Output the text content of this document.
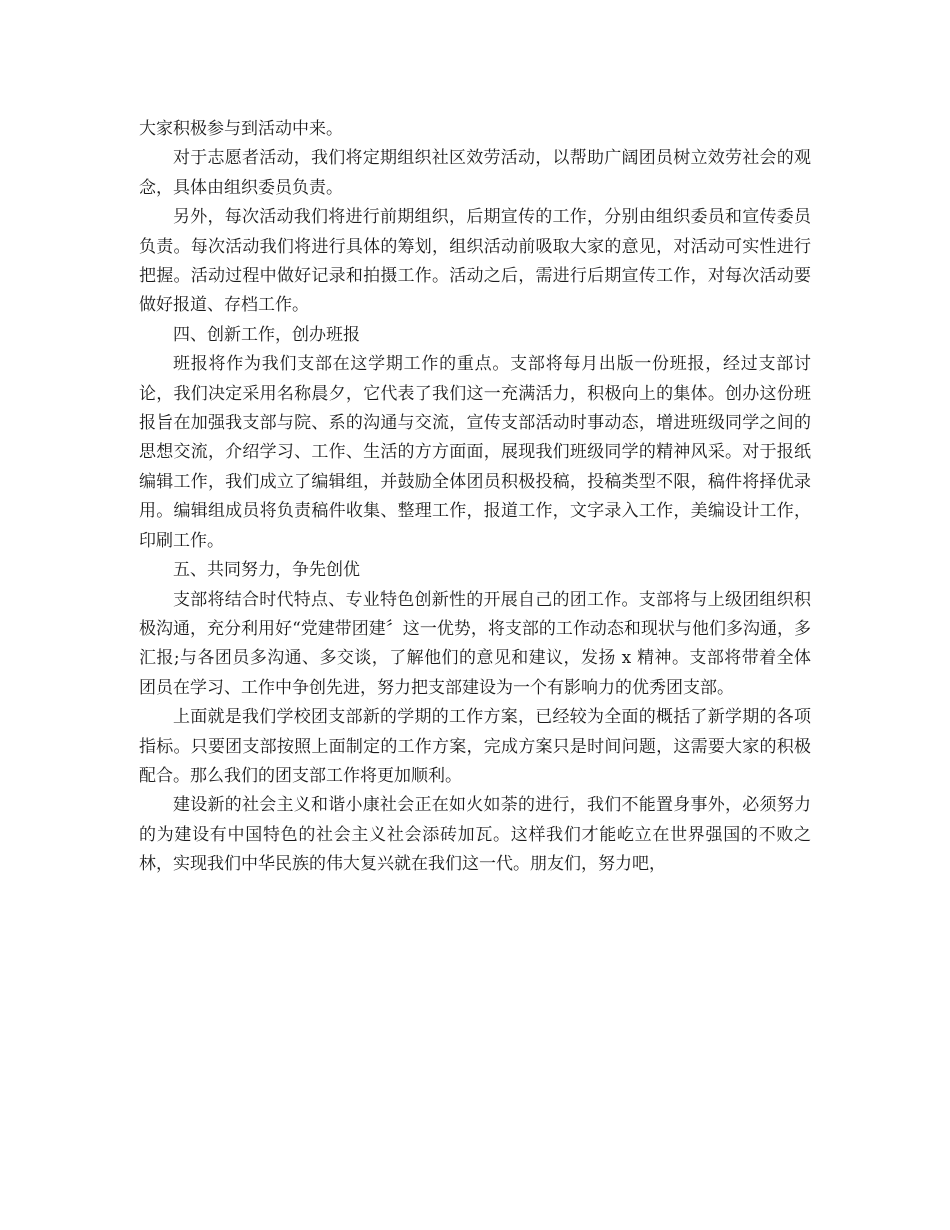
大家积极参与到活动中来。

对于志愿者活动，我们将定期组织社区效劳活动，以帮助广阔团员树立效劳社会的观念，具体由组织委员负责。

另外，每次活动我们将进行前期组织，后期宣传的工作，分别由组织委员和宣传委员负责。每次活动我们将进行具体的筹划，组织活动前吸取大家的意见，对活动可实性进行把握。活动过程中做好记录和拍摄工作。活动之后，需进行后期宣传工作，对每次活动要做好报道、存档工作。

四、创新工作，创办班报

班报将作为我们支部在这学期工作的重点。支部将每月出版一份班报，经过支部讨论，我们决定采用名称晨夕，它代表了我们这一充满活力，积极向上的集体。创办这份班报旨在加强我支部与院、系的沟通与交流，宣传支部活动时事动态，增进班级同学之间的思想交流，介绍学习、工作、生活的方方面面，展现我们班级同学的精神风采。对于报纸编辑工作，我们成立了编辑组，并鼓励全体团员积极投稿，投稿类型不限，稿件将择优录用。编辑组成员将负责稿件收集、整理工作，报道工作，文字录入工作，美编设计工作，印刷工作。

五、共同努力，争先创优

支部将结合时代特点、专业特色创新性的开展自己的团工作。支部将与上级团组织积极沟通，充分利用好“党建带团建〞这一优势，将支部的工作动态和现状与他们多沟通，多汇报;与各团员多沟通、多交谈，了解他们的意见和建议，发扬 x 精神。支部将带着全体团员在学习、工作中争创先进，努力把支部建设为一个有影响力的优秀团支部。

上面就是我们学校团支部新的学期的工作方案，已经较为全面的概括了新学期的各项指标。只要团支部按照上面制定的工作方案，完成方案只是时间问题，这需要大家的积极配合。那么我们的团支部工作将更加顺利。

建设新的社会主义和谐小康社会正在如火如荼的进行，我们不能置身事外，必须努力的为建设有中国特色的社会主义社会添砖加瓦。这样我们才能屹立在世界强国的不败之林，实现我们中华民族的伟大复兴就在我们这一代。朋友们，努力吧，
